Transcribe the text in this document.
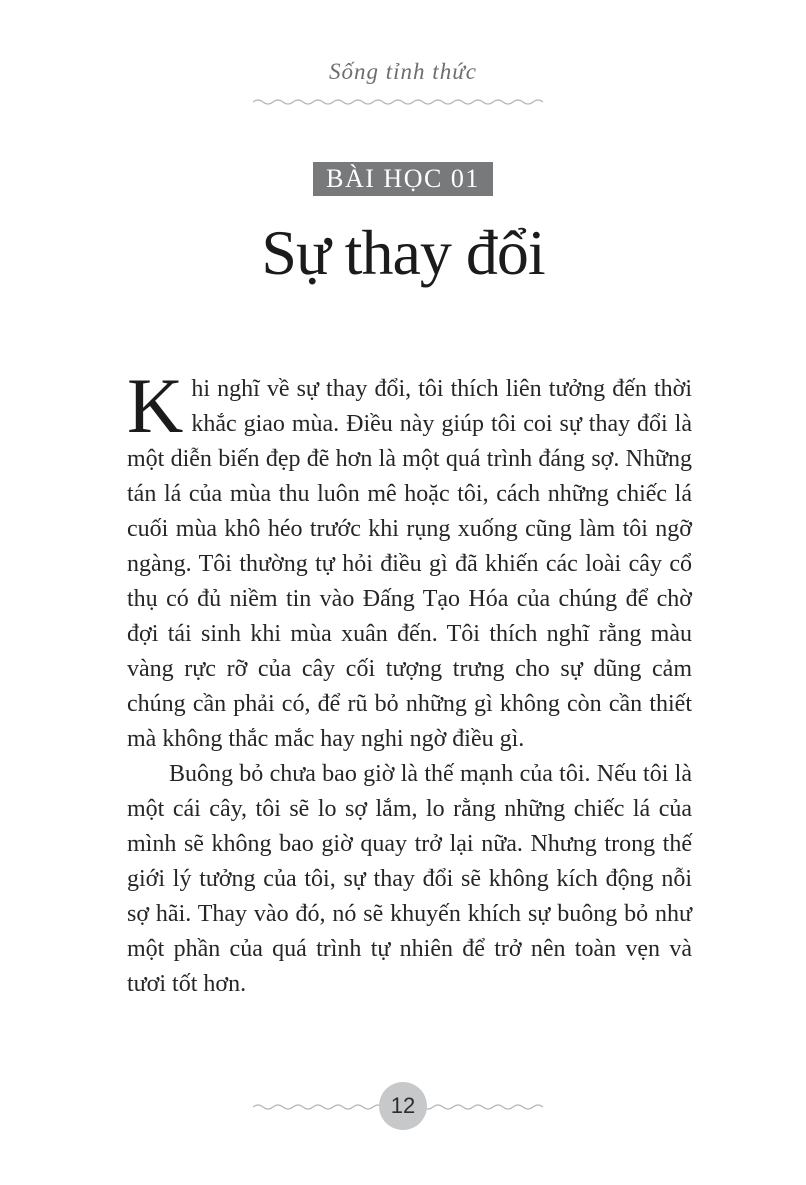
Sống tỉnh thức
BÀI HỌC 01
Sự thay đổi

Khi nghĩ về sự thay đổi, tôi thích liên tưởng đến thời khắc giao mùa. Điều này giúp tôi coi sự thay đổi là một diễn biến đẹp đẽ hơn là một quá trình đáng sợ. Những tán lá của mùa thu luôn mê hoặc tôi, cách những chiếc lá cuối mùa khô héo trước khi rụng xuống cũng làm tôi ngỡ ngàng. Tôi thường tự hỏi điều gì đã khiến các loài cây cổ thụ có đủ niềm tin vào Đấng Tạo Hóa của chúng để chờ đợi tái sinh khi mùa xuân đến. Tôi thích nghĩ rằng màu vàng rực rỡ của cây cối tượng trưng cho sự dũng cảm chúng cần phải có, để rũ bỏ những gì không còn cần thiết mà không thắc mắc hay nghi ngờ điều gì.

Buông bỏ chưa bao giờ là thế mạnh của tôi. Nếu tôi là một cái cây, tôi sẽ lo sợ lắm, lo rằng những chiếc lá của mình sẽ không bao giờ quay trở lại nữa. Nhưng trong thế giới lý tưởng của tôi, sự thay đổi sẽ không kích động nỗi sợ hãi. Thay vào đó, nó sẽ khuyến khích sự buông bỏ như một phần của quá trình tự nhiên để trở nên toàn vẹn và tươi tốt hơn.

12
